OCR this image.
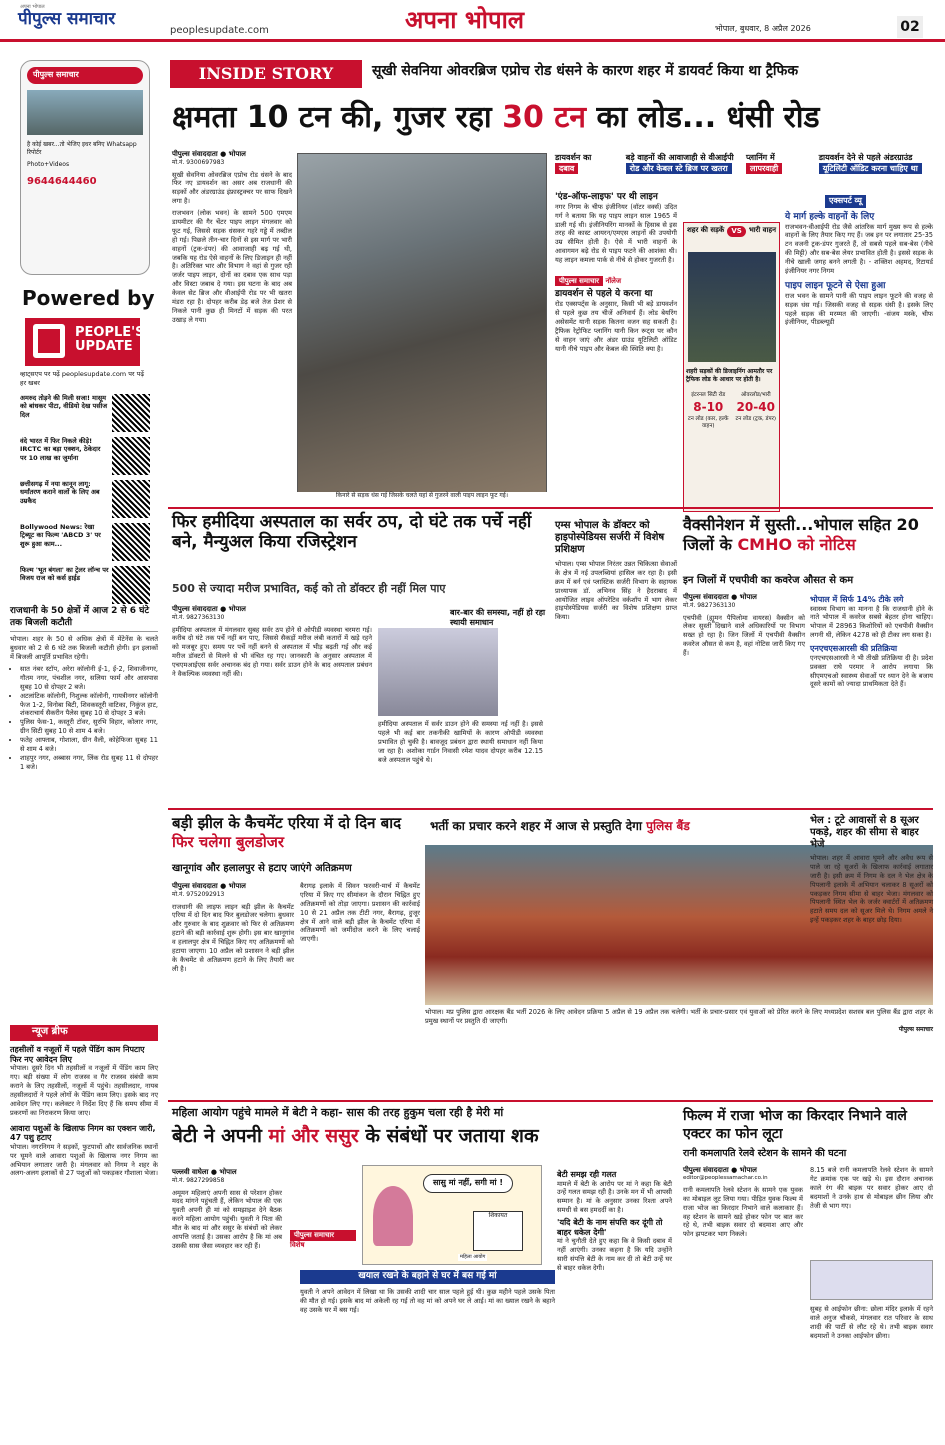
अपना भोपाल
पीपुल्स समाचार
peoplesupdate.com	अपना भोपाल	भोपाल, बुधवार, 8 अप्रैल 2026	02
पीपुल्स समाचार
है कोई खबर...तो भेजिए इधर बनिए Whatsapp रिपोर्टर
Photo+Videos
9644644460
Powered by
PEOPLE'S UPDATE
व्हाट्सएप पर पढ़ें peoplesupdate.com पर पढ़ें हर खबर
अमरुद तोड़ने की मिली सजा! मासूम को बांधकर पीटा, वीडियो देख पसीज दिल
वंदे भारत में फिर निकले कीड़े! IRCTC का बड़ा एक्शन, ठेकेदार पर 10 लाख का जुर्माना
छत्तीसगढ़ में नया कानून लागू: धर्मांतरण कराने वालों के लिए अब उम्रकैद
Bollywood News: रेखा ट्रिब्यूट का फिल्म 'ABCD 3' पर शुरू हुआ काम...
फिल्म 'भूत बंगला' का ट्रेलर लॉन्च पर विजय राज को कर्स हाईड
राजधानी के 50 क्षेत्रों में आज 2 से 6 घंटे तक बिजली कटौती
भोपाल। शहर के 50 से अधिक क्षेत्रों में मेंटेनेंस के चलते बुधवार को 2 से 6 घंटे तक बिजली कटौती होगी। इन इलाकों में बिजली आपूर्ति प्रभावित रहेगी।
• सात नंबर स्टॉप, अरेरा कॉलोनी ई-1, ई-2, शिवाजीनगर, गौतम नगर, पंचशील नगर, सलिया फार्म और आसपास सुबह 10 से दोपहर 2 बजे।
• अटलांटिक कॉलोनी, निशुल्क कॉलोनी, गायत्रीनगर कॉलोनी फेज 1-2, विनोबा बिटी, शिवकस्तूरी वाटिका, निकुंज हाट, शंकराचार्य सैकरीन पैलेस सुबह 10 से दोपहर 3 बजे।
• पुलिस फेस-1, कस्तूरी टॉवर, सुरभि विहार, कोलार नगर, ग्रीन सिटी सुबह 10 से शाम 4 बजे।
• फतेह आफ्ताब, गोशाला, ग्रीन वैली, कोहेफिजा सुबह 11 से शाम 4 बजे।
• शाहपुर नगर, अब्बास नगर, लिंक रोड सुबह 11 से दोपहर 1 बजे।
न्यूज ब्रीफ
तहसीलों व नजूलों में पहले पेंडिंग काम निपटाए फिर नए आवेदन लिए
भोपाल। दूसरे दिन भी तहसीलों व नजूलों में पेंडिंग काम लिए गए। बड़ी संख्या में लोग राजस्व व गैर राजस्व संबंधी काम कराने के लिए तहसीलों, नजूलों में पहुंचे। तहसीलदार, नायब तहसीलदारों ने पहले लोगों के पेंडिंग काम लिए। इसके बाद नए आवेदन लिए गए। कलेक्टर ने निर्देश दिए हैं कि समय सीमा में प्रकरणों का निराकरण किया जाए।
आवारा पशुओं के खिलाफ निगम का एक्शन जारी, 47 पशु हटाए
भोपाल। नगरनिगम ने सड़कों, फुटपाथों और सार्वजनिक स्थानों पर घूमने वाले आवारा पशुओं के खिलाफ नगर निगम का अभियान लगातार जारी है। मंगलवार को निगम ने शहर के अलग-अलग इलाकों से 27 पशुओं को पकड़कर गौशाला भेजा।
INSIDE STORY	सूखी सेवनिया ओवरब्रिज एप्रोच रोड धंसने के कारण शहर में डायवर्ट किया था ट्रैफिक
क्षमता 10 टन की, गुजर रहा 30 टन का लोड... धंसी रोड
पीपुल्स संवाददाता ● भोपाल
मो.नं. 9300697983
सूखी सेवनिया ओवरब्रिज एप्रोच रोड धंसने के बाद फिर नए डायवर्शन का असर अब राजधानी की सड़कों और अंडरग्राउंड इंफ्रास्ट्रक्चर पर साफ दिखने लगा है।
राजभवन (लोक भवन) के सामने 500 एमएम डायमीटर की गैर चेंटर पाइप लाइन मंगलवार को फूट गई, जिससे सड़क धंसकर गहरे गड्ढे में तब्दील हो गई। पिछले तीन-चार दिनों से इस मार्ग पर भारी वाहनों (ट्रक-डंपर) की आवाजाही बढ़ गई थी, जबकि यह रोड ऐसे वाहनों के लिए डिजाइन ही नहीं है। अतिरिक्त भार और विभाग ने वहां से गुजर रही जर्जर पाइप लाइन, दोनों का दबाव एक साथ पड़ा और विस्टा जबाब दे गया। इस घटना के बाद अब केवल सेट ब्रिज और वीआईपी रोड पर भी खतरा मंडरा रहा है। दोपहर करीब डेढ़ बजे तेज प्रेशर से निकले पानी कुछ ही मिनटों में सड़क की परत उखाड़ ले गया।
किनारे से सड़क धंस गई जिसके चलते यहां से गुजरने वाली पाइप लाइन फूट गई।
डायवर्शन का
दबाव
बड़े वाहनों की आवाजाही से वीआईपी
रोड और केबल स्टे ब्रिज पर खतरा
प्लानिंग में
लापरवाही
डायवर्शन देने से पहले अंडरग्राउंड
यूटिलिटी ऑडिट करना चाहिए था
'एंड-ऑफ-लाइफ' पर थी लाइन
नगर निगम के चीफ इंजीनियर (वॉटर वर्क्स) उदित गर्ग ने बताया कि यह पाइप लाइन साल 1965 में डाली गई थी। इंजीनियरिंग मानकों के हिसाब से इस तरह की कास्ट आयरन/एमएस लाइनों की उपयोगी उम्र सीमित होती है। ऐसे में भारी वाहनों के आवागमन बढ़े रोड से पाइप फटने की आशंका थी। यह लाइन कमला पार्क से नीचे से होकर गुजरती है।
पीपुल्स समाचार नॉलेज
डायवर्शन से पहले ये करना था
रोड एक्सपर्ट्स के अनुसार, किसी भी बड़े डायवर्शन से पहले कुछ तय चीजें अनिवार्य हैं। लोड बेयरिंग असेसमेंट यानी सड़क कितना वजन सह सकती है। ट्रैफिक रेट्रोफिट प्लानिंग यानी किन रूट्स पर कौन से वाहन जाएं और अंडर ग्राउंड यूटिलिटी ऑडिट यानी नीचे पाइप और केबल की स्थिति क्या है।
शहर की सड़कें	VS	भारी वाहन
शहरी सड़कों की डिजाइनिंग आमतौर पर ट्रैफिक लोड के आधार पर होती है।
इंटरनल सिटी रोड
8-10
टन लोड (कार, हल्के वाहन)
ओवरलोड/भारी
20-40
टन लोड (ट्रक, डंपर)
एक्सपर्ट व्यू
ये मार्ग हल्के वाहनों के लिए
राजभवन-वीआईपी रोड जैसे आंतरिक मार्ग मुख्य रूप से हल्के वाहनों के लिए तैयार किए गए हैं। जब इन पर लगातार 25-35 टन वजनी ट्रक-डंपर गुजरते हैं, तो सबसे पहले सब-बेस (नीचे की मिट्टी) और सब-बेस लेयर प्रभावित होती है। इससे सड़क के नीचे खाली जगह बनने लगती है। - शक्तिश अहमद, रिटायर्ड इंजीनियर नगर निगम
पाइप लाइन फूटने से ऐसा हुआ
राज भवन के सामने पानी की पाइप लाइन फूटने की वजह से सड़क धंस गई। जिसकी वजह से सड़क धंसी है। इसके लिए पहले सड़क की मरम्मत की जाएगी। -संजय मस्के, चीफ इंजीनियर, पीडब्ल्यूडी
फिर हमीदिया अस्पताल का सर्वर ठप, दो घंटे तक पर्चे नहीं बने, मैन्युअल किया रजिस्ट्रेशन
500 से ज्यादा मरीज प्रभावित, कई को तो डॉक्टर ही नहीं मिल पाए
पीपुल्स संवाददाता ● भोपाल
मो.नं. 9827363130
हमीदिया अस्पताल में मंगलवार सुबह सर्वर ठप होने से ओपीडी व्यवस्था चरमरा गई। करीब दो घंटे तक पर्चे नहीं बन पाए, जिससे सैकड़ों मरीज लंबी कतारों में खड़े रहने को मजबूर हुए। समय पर पर्चे नहीं बनने से अस्पताल में भीड़ बढ़ती गई और कई मरीज डॉक्टरों से मिलने से भी वंचित रह गए। जानकारी के अनुसार अस्पताल में एचएमआईएस सर्वर अचानक बंद हो गया। सर्वर डाउन होने के बाद अस्पताल प्रबंधन ने वैकल्पिक व्यवस्था नहीं की।
बार-बार की समस्या, नहीं हो रहा स्थायी समाधान
हमीदिया अस्पताल में सर्वर डाउन होने की समस्या नई नहीं है। इससे पहले भी कई बार तकनीकी खामियों के कारण ओपीडी व्यवस्था प्रभावित हो चुकी है। बावजूद प्रबंधन द्वारा स्थायी समाधान नहीं किया जा रहा है। अशोका गार्डन निवासी रमेश यादव दोपहर करीब 12.15 बजे अस्पताल पहुंचे थे।
एम्स भोपाल के डॉक्टर को हाइपोस्पेडियस सर्जरी में विशेष प्रशिक्षण
भोपाल। एम्स भोपाल निरंतर उन्नत चिकित्सा सेवाओं के क्षेत्र में नई उपलब्धियां हासिल कर रहा है। इसी क्रम में बर्न एवं प्लास्टिक सर्जरी विभाग के सहायक प्राध्यापक डॉ. अभिनव सिंह ने हैदराबाद में आयोजित लाइव ऑपरेटिव वर्कशॉप में भाग लेकर हाइपोस्पेडियस सर्जरी का विशेष प्रशिक्षण प्राप्त किया।
वैक्सीनेशन में सुस्ती...भोपाल सहित 20 जिलों के CMHO को नोटिस
इन जिलों में एचपीवी का कवरेज औसत से कम
पीपुल्स संवाददाता ● भोपाल
मो.नं. 9827363130
एचपीवी (ह्यूमन पैपिलोमा वायरस) वैक्सीन को लेकर सुस्ती दिखाने वाले अधिकारियों पर विभाग सख्त हो रहा है। जिन जिलों में एचपीवी वैक्सीन कवरेज औसत से कम है, वहां नोटिस जारी किए गए हैं।
भोपाल में सिर्फ 14% टीके लगे
स्वास्थ्य विभाग का मानना है कि राजधानी होने के नाते भोपाल में कवरेज सबसे बेहतर होना चाहिए। भोपाल में 28963 किशोरियों को एचपीवी वैक्सीन लगनी थी, लेकिन 4278 को ही टीका लग सका है।
एनएचएसआरसी की प्रतिक्रिया
एनएचएसआरसी ने भी तीखी प्रतिक्रिया दी है। प्रदेश प्रवक्ता राघे परमार ने आरोप लगाया कि सीएमएचओ स्वास्थ्य सेवाओं पर ध्यान देने के बजाय दूसरे कामों को ज्यादा प्राथमिकता देते हैं।
बड़ी झील के कैचमेंट एरिया में दो दिन बाद फिर चलेगा बुलडोजर
खानूगांव और हलालपुर से हटाए जाएंगे अतिक्रमण
पीपुल्स संवाददाता ● भोपाल
मो.नं. 9752092913
राजधानी की लाइफ लाइन बड़ी झील के कैचमेंट एरिया में दो दिन बाद फिर बुलडोजर चलेगा। बुधवार और गुरुवार के बाद शुक्रवार को फिर से अतिक्रमण हटाने की बड़ी कार्रवाई शुरू होगी। इस बार खानूगांव व हलालपुर क्षेत्र में चिह्नित किए गए अतिक्रमणों को हटाया जाएगा। 10 अप्रैल को प्रशासन ने बड़ी झील के कैचमेंट से अतिक्रमण हटाने के लिए तैयारी कर ली है।
बैरागढ़ इलाके में सिवन फरवरी-मार्च में कैचमेंट एरिया में किए गए सीमांकन के दौरान चिह्नित हुए अतिक्रमणों को तोड़ा जाएगा। प्रशासन की कार्रवाई 10 से 21 अप्रैल तक टीटी नगर, बैरागढ़, हुजूर क्षेत्र में आने वाले बड़ी झील के कैचमेंट एरिया में अतिक्रमणों को जमींदोज करने के लिए चलाई जाएगी।
भर्ती का प्रचार करने शहर में आज से प्रस्तुति देगा पुलिस बैंड
भोपाल। मप्र पुलिस द्वारा आरक्षक बैंड भर्ती 2026 के लिए आवेदन प्रक्रिया 5 अप्रैल से 19 अप्रैल तक चलेगी। भर्ती के प्रचार-प्रसार एवं युवाओं को प्रेरित करने के लिए मध्यप्रदेश सशस्त्र बल पुलिस बैंड द्वारा शहर के प्रमुख स्थानों पर प्रस्तुति दी जाएगी।
पीपुल्स समाचार
भेल : टूटे आवासों से 8 सूअर पकड़े, शहर की सीमा से बाहर भेजे
भोपाल। शहर में आवारा घूमने और अवैध रूप से पाले जा रहे सूअरों के खिलाफ कार्रवाई लगातार जारी है। इसी क्रम में निगम के दल ने भेल क्षेत्र के पिपलानी इलाके में अभियान चलाकर 8 सूअरों को पकड़कर निगम सीमा से बाहर भेजा। मंगलवार को पिपलानी स्थित भेल के जर्जर क्वार्टरों में अतिक्रमण हटाते समय दल को सूअर मिले थे। निगम अमले ने इन्हें पकड़कर शहर के बाहर छोड़ दिया।
महिला आयोग पहुंचे मामले में बेटी ने कहा- सास की तरह हुकुम चला रही है मेरी मां
बेटी ने अपनी मां और ससुर के संबंधों पर जताया शक
पल्लवी वाघेला ● भोपाल
मो.नं. 9827299858
अमूमन महिलाएं अपनी सास से परेशान होकर मदद मांगने पहुंचती हैं, लेकिन भोपाल की एक युवती अपनी ही मां को समझाइश देने बैठक करने महिला आयोग पहुंची। युवती ने पिता की मौत के बाद मां और ससुर के संबंधों को लेकर आपत्ति जताई है। उसका आरोप है कि मां अब उसकी सास जैसा व्यवहार कर रही हैं।
पीपुल्स समाचार
विशेष
सासु मां नहीं, सगी मां !
शिकायत
महिला आयोग
बेटी समझ रही गलत
मामले में बेटी के आरोप पर मां ने कहा कि बेटी उन्हें गलत समझ रही है। उनके मन में भी आपसी सम्मान है। मां के अनुसार उनका रिश्ता अपने समधी से बस हमदर्दी का है।
'यदि बेटी के नाम संपत्ति कर दूंगी तो बाहर धकेल देगी'
मां ने चुनौती देते हुए कहा कि वे किसी दबाव में नहीं आएंगी। उनका कहना है कि यदि उन्होंने सारी संपत्ति बेटी के नाम कर दी तो बेटी उन्हें घर से बाहर धकेल देगी।
खयाल रखने के बहाने से घर में बस गई मां
युवती ने अपने आवेदन में लिखा था कि उसकी शादी चार साल पहले हुई थी। कुछ महीने पहले उसके पिता की मौत हो गई। इसके बाद मां अकेली रह गई तो वह मां को अपने घर ले आई। मां का ख्याल रखने के बहाने वह उसके घर में बस गई।
फिल्म में राजा भोज का किरदार निभाने वाले एक्टर का फोन लूटा
रानी कमलापति रेलवे स्टेशन के सामने की घटना
पीपुल्स संवाददाता ● भोपाल
editor@peoplessamachar.co.in
रानी कमलापति रेलवे स्टेशन के सामने एक युवक का मोबाइल लूट लिया गया। पीड़ित युवक फिल्म में राजा भोज का किरदार निभाने वाले कलाकार हैं। वह स्टेशन के सामने खड़े होकर फोन पर बात कर रहे थे, तभी बाइक सवार दो बदमाश आए और फोन झपटकर भाग निकले।
8.15 बजे रानी कमलापति रेलवे स्टेशन के सामने गेट क्रमांक एक पर खड़े थे। इस दौरान अचानक काले रंग की बाइक पर सवार होकर आए दो बदमाशों ने उनके हाथ से मोबाइल छीन लिया और तेजी से भाग गए।
सुबह से आईफोन छीना: छोला मंदिर इलाके में रहने वाले अनुज चौकसे, मंगलवार रात परिवार के साथ शादी की पार्टी से लौट रहे थे। तभी बाइक सवार बदमाशों ने उनका आईफोन छीना।
